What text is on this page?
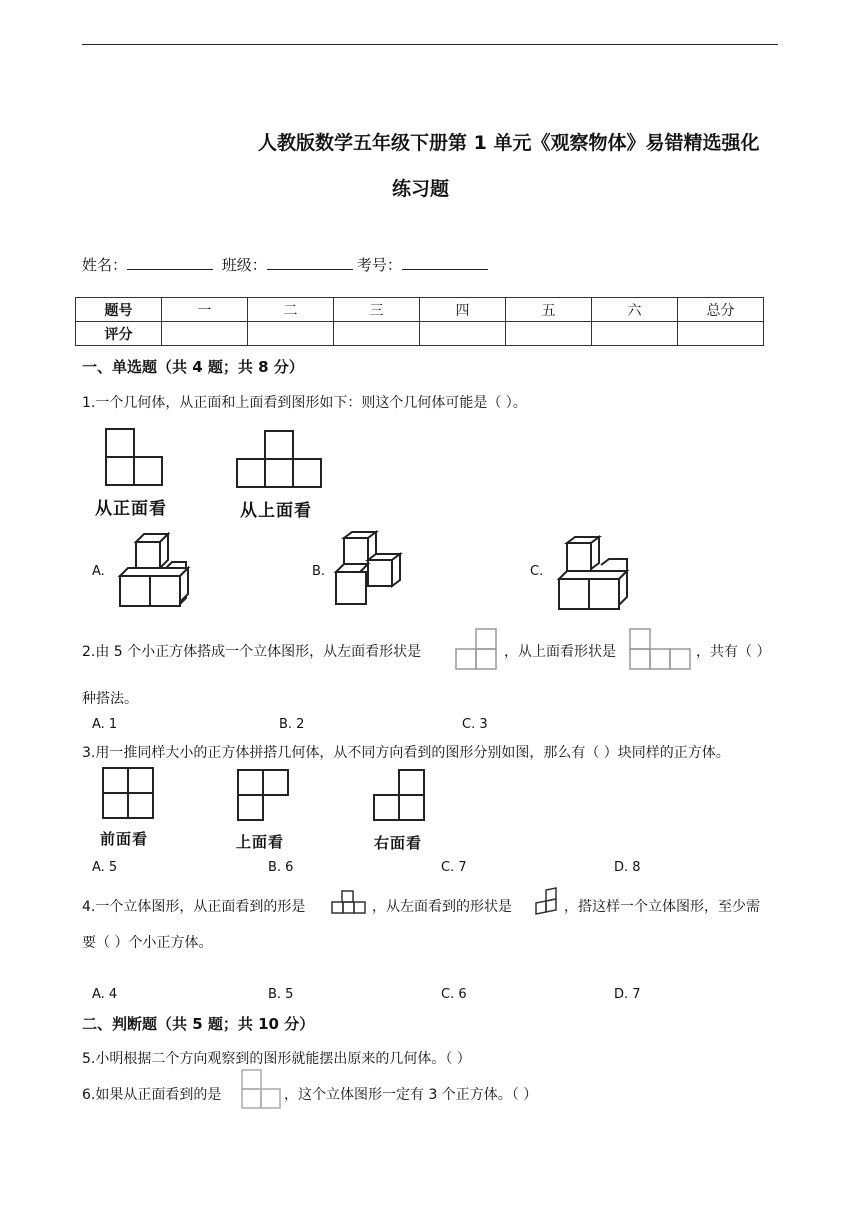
人教版数学五年级下册第 1 单元《观察物体》易错精选强化
练习题
姓名：	班级：	考号：
题号	一	二	三	四	五	六	总分
评分							
一、单选题（共 4 题；共 8 分）
1.一个几何体，从正面和上面看到图形如下：则这个几何体可能是（ ）。
从正面看	从上面看
A.	B.	C.
2.由 5 个小正方体搭成一个立体图形，从左面看形状是	，从上面看形状是	，共有（ ）
种搭法。
A. 1	B. 2	C. 3
3.用一推同样大小的正方体拼搭几何体，从不同方向看到的图形分别如图，那么有（ ）块同样的正方体。
前面看	上面看	右面看
A. 5	B. 6	C. 7	D. 8
4.一个立体图形，从正面看到的形是	，从左面看到的形状是	，搭这样一个立体图形，至少需
要（ ）个小正方体。
A. 4	B. 5	C. 6	D. 7
二、判断题（共 5 题；共 10 分）
5.小明根据二个方向观察到的图形就能摆出原来的几何体。（ ）
6.如果从正面看到的是	，这个立体图形一定有 3 个正方体。（ ）
